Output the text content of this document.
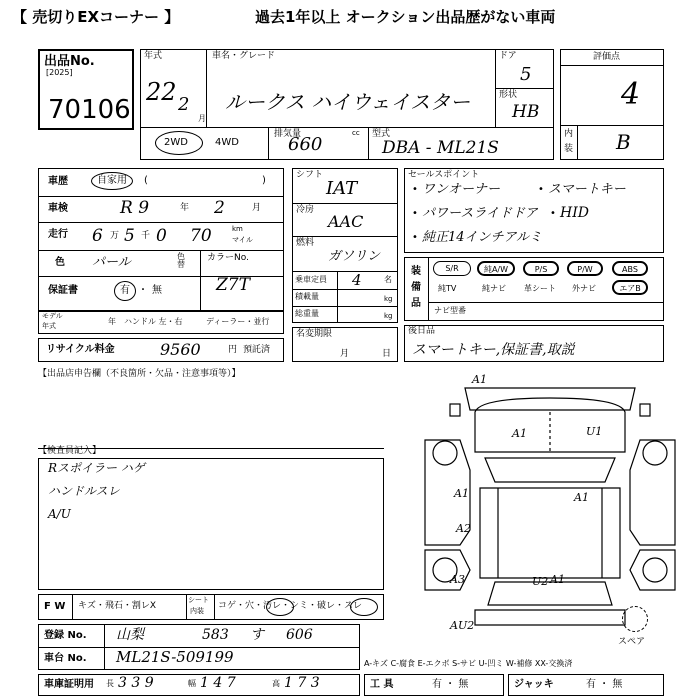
【 売切りEXコーナー 】	過去1年以上 オークション出品歴がない車両
出品No.
[2025]
70106
年式
22 2
月
車名・グレード
ルークス ハイウェイスター
ドア
5
形状
HB
2WD	4WD
排気量
660
cc 型式
DBA - ML21S
評価点
4
内
装 B
車歴	自家用 (	)
車検	R 9	年 2	月
走行 6 万 5 千 0 70	km
マイル
色 パール	色替
カラーNo.
Z7T
保証書	有 ・ 無
モデル
年式	年 ハンドル 左・右	ディーラー・並行
リサイクル料金	9560	円 預託済
シフト
IAT
冷房
AAC
燃料
ガソリン
乗車定員 4	名
積載量	kg
総重量	kg
名変期限
月	日
セールスポイント
ワンオーナー	スマートキー
パワースライドドア HID
純正14インチアルミ
•	•
•	•
•
装
備
品
S/R	純A/W	P/S	P/W	ABS
純TV	純ナビ 革シート 外ナビ	エアB
ナビ型番
後日品
スマートキー,保証書,取説
【出品店申告欄（不良箇所・欠品・注意事項等）】
【検査員記入】
Rスポイラー ハゲ
ハンドルスレ
A/U
A1
A1	U1
A1	A1
A2
A3	U2 A1
AU2
スペア
F W キズ・飛石・割レX
シート
内装 コゲ・穴・汚レ・シミ・破レ・スレ
登録 No. 山梨	583 す 606
車台 No. ML21S-509199	A-キズ C-腐食 E-エクボ S-サビ U-凹ミ W-補修 XX-交換済
車庫証明用 長 3 3 9	幅 1 4 7	高 1 7 3	工 具	有 ・ 無	ジャッキ	有 ・ 無
